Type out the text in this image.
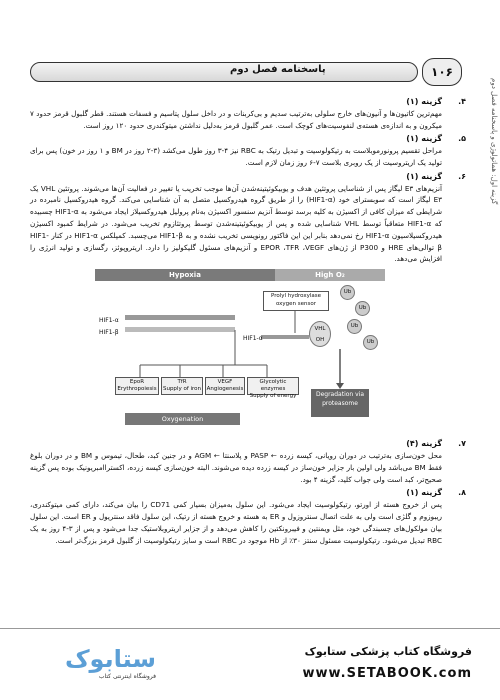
گزینه اول: هماتولوژی و پاسخنامه فصل دوم
پاسخنامه فصل دوم	۱۰۶
۴.
گزینه (۱)
مهم‌ترین کاتیون‌ها و آنیون‌های خارج سلولی به‌ترتیب سدیم و بی‌کربنات و در داخل سلول پتاسیم و فسفات هستند. قطر گلبول قرمز حدود ۷ میکرون و به اندازه‌ی هسته‌ی لنفوسیت‌های کوچک است. عمر گلبول قرمز به‌دلیل نداشتن میتوکندری حدود ۱۲۰ روز است.
۵.
گزینه (۱)
مراحل تقسیم پرونورموبلاست به رتیکولوسیت و تبدیل رتیک به RBC نیز ۴-۳ روز طول می‌کشد (۳-۲ روز در BM و ۱ روز در خون) پس برای تولید یک اریتروسیت از یک روبری بلاست ۷-۶ روز زمان لازم است.
۶.
گزینه (۱)
آنزیم‌های E۳ لیگاز پس از شناسایی پروتئین هدف و یوبیکوئیتینه‌شدن آن‌ها موجب تخریب یا تغییر در فعالیت آن‌ها می‌شوند. پروتئین VHL یک E۳ لیگاز است که سوبسترای خود (HIF1-α) را از طریق گروه هیدروکسیل متصل به آن شناسایی می‌کند. گروه هیدروکسیل نامبرده در شرایطی که میزان کافی از اکسیژن به کلیه برسد توسط آنزیم سنسور اکسیژن به‌نام پرولیل هیدروکسیلاز ایجاد می‌شود به HIF1-α چسبیده که HIF1-α متعاقباً توسط VHL شناسایی شده و پس از یوبیکوئیتینه‌شدن توسط پروتئازوم تخریب می‌شود. در شرایط کمبود اکسیژن هیدروکسیلاسیون HIF1-α رخ نمی‌دهد بنابر این این فاکتور رونویسی تخریب نشده و به HIF1-β می‌چسبد. کمپلکس HIF1-α در کنار HIF1-β توالی‌های HRE و P300 از ژن‌های EPOR ،TFR ،VEGF و آنزیم‌های مسئول گلیکولیز را دارد. اریتروپوئز، رگسازی و تولید انرژی را افزایش می‌دهد.
Hypoxia	High O₂
HIF1-α
HIF1-β
EpoR
Erythropoiesis
TfR
Supply of iron
VEGF
Angiogenesis
Glycolytic enzymes
Supply of energy
Oxygenation
HIF1-α
Prolyl hydroxylase oxygen sensor
VHL
OH
Ub
Ub
Ub
Ub
Degradation via proteasome
۷.
گزینه (۴)
محل خون‌سازی به‌ترتیب در دوران رویانی، کیسه زرده ← PASP و پلاسنتا ← AGM و در جنین کبد، طحال، تیموس و BM و در دوران بلوغ فقط BM می‌باشد ولی اولین بار جزایر خون‌ساز در کیسه زرده دیده می‌شوند. البته خون‌سازی کیسه زرده، اکستراامبریونیک بوده پس گزینه صحیح‌تر، کبد است ولی جواب کلید، گزینه ۴ بود.
۸.
گزینه (۱)
پس از خروج هسته از اورتو، رتیکولوسیت ایجاد می‌شود. این سلول به‌میزان بسیار کمی CD71 را بیان می‌کند، دارای کمی میتوکندری، ریبوزوم و گلژی است ولی به علت اتصال سنتروزول و ER به هسته و خروج هسته از رتیک، این سلول فاقد سنتریول و ER است. این سلول بیان مولکول‌های چسبندگی خود، مثل ویمنتین و فیبرونکتین را کاهش می‌دهد و از جزایر اریتروبلاستیک جدا می‌شود و پس از ۳-۴ روز به یک RBC تبدیل می‌شود. رتیکولوسیت مسئول سنتز ۳۰٪ از Hb موجود در RBC است و سایز رتیکولوسیت از گلبول قرمز بزرگ‌تر است.
ستابوک
فروشگاه اینترنتی کتاب
فروشگاه کتاب پزشکی ستابوک
www.SETABOOK.com
